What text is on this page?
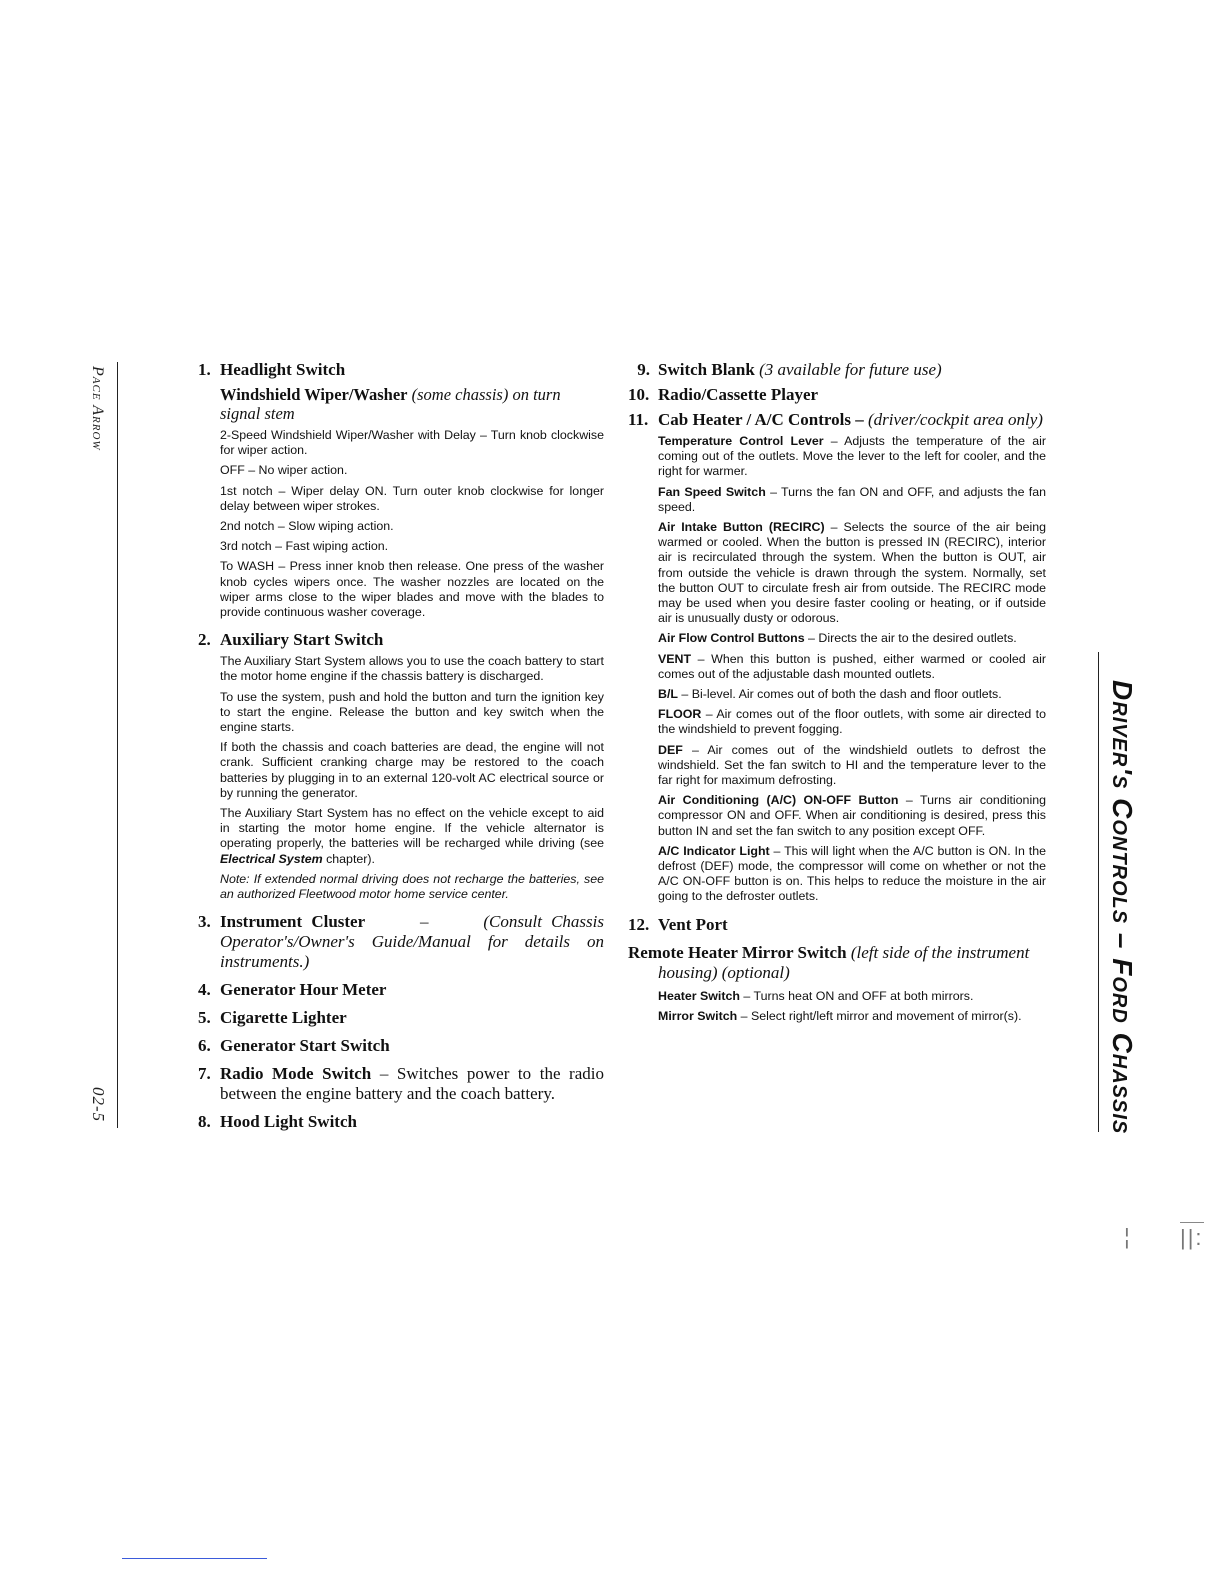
Pace Arrow
02-5	Driver's Controls – Ford Chassis
¦ ||:
1. Headlight Switch
Windshield Wiper/Washer (some chassis) on turn signal stem

2-Speed Windshield Wiper/Washer with Delay – Turn knob clockwise for wiper action.

OFF – No wiper action.

1st notch – Wiper delay ON. Turn outer knob clockwise for longer delay between wiper strokes.

2nd notch – Slow wiping action.

3rd notch – Fast wiping action.

To WASH – Press inner knob then release. One press of the washer knob cycles wipers once. The washer nozzles are located on the wiper arms close to the wiper blades and move with the blades to provide continuous washer coverage.

2. Auxiliary Start Switch

The Auxiliary Start System allows you to use the coach battery to start the motor home engine if the chassis battery is discharged.

To use the system, push and hold the button and turn the ignition key to start the engine. Release the button and key switch when the engine starts.

If both the chassis and coach batteries are dead, the engine will not crank. Sufficient cranking charge may be restored to the coach batteries by plugging in to an external 120-volt AC electrical source or by running the generator.

The Auxiliary Start System has no effect on the vehicle except to aid in starting the motor home engine. If the vehicle alternator is operating properly, the batteries will be recharged while driving (see Electrical System chapter).

Note: If extended normal driving does not recharge the batteries, see an authorized Fleetwood motor home service center.

3. Instrument Cluster	–	(Consult Chassis Operator's/Owner's Guide/Manual for details on instruments.)
4. Generator Hour Meter
5. Cigarette Lighter
6. Generator Start Switch
7. Radio Mode Switch – Switches power to the radio between the engine battery and the coach battery.
8. Hood Light Switch
9. Switch Blank (3 available for future use)
10. Radio/Cassette Player
11. Cab Heater / A/C Controls – (driver/cockpit area only)

Temperature Control Lever – Adjusts the temperature of the air coming out of the outlets. Move the lever to the left for cooler, and the right for warmer.

Fan Speed Switch – Turns the fan ON and OFF, and adjusts the fan speed.

Air Intake Button (RECIRC) – Selects the source of the air being warmed or cooled. When the button is pressed IN (RECIRC), interior air is recirculated through the system. When the button is OUT, air from outside the vehicle is drawn through the system. Normally, set the button OUT to circulate fresh air from outside. The RECIRC mode may be used when you desire faster cooling or heating, or if outside air is unusually dusty or odorous.

Air Flow Control Buttons – Directs the air to the desired outlets.

VENT – When this button is pushed, either warmed or cooled air comes out of the adjustable dash mounted outlets.

B/L – Bi-level. Air comes out of both the dash and floor outlets.

FLOOR – Air comes out of the floor outlets, with some air directed to the windshield to prevent fogging.

DEF – Air comes out of the windshield outlets to defrost the windshield. Set the fan switch to HI and the temperature lever to the far right for maximum defrosting.

Air Conditioning (A/C) ON-OFF Button – Turns air conditioning compressor ON and OFF. When air conditioning is desired, press this button IN and set the fan switch to any position except OFF.

A/C Indicator Light – This will light when the A/C button is ON. In the defrost (DEF) mode, the compressor will come on whether or not the A/C ON-OFF button is on. This helps to reduce the moisture in the air going to the defroster outlets.

12. Vent Port
Remote Heater Mirror Switch (left side of the instrument housing) (optional)

Heater Switch – Turns heat ON and OFF at both mirrors.

Mirror Switch – Select right/left mirror and movement of mirror(s).
